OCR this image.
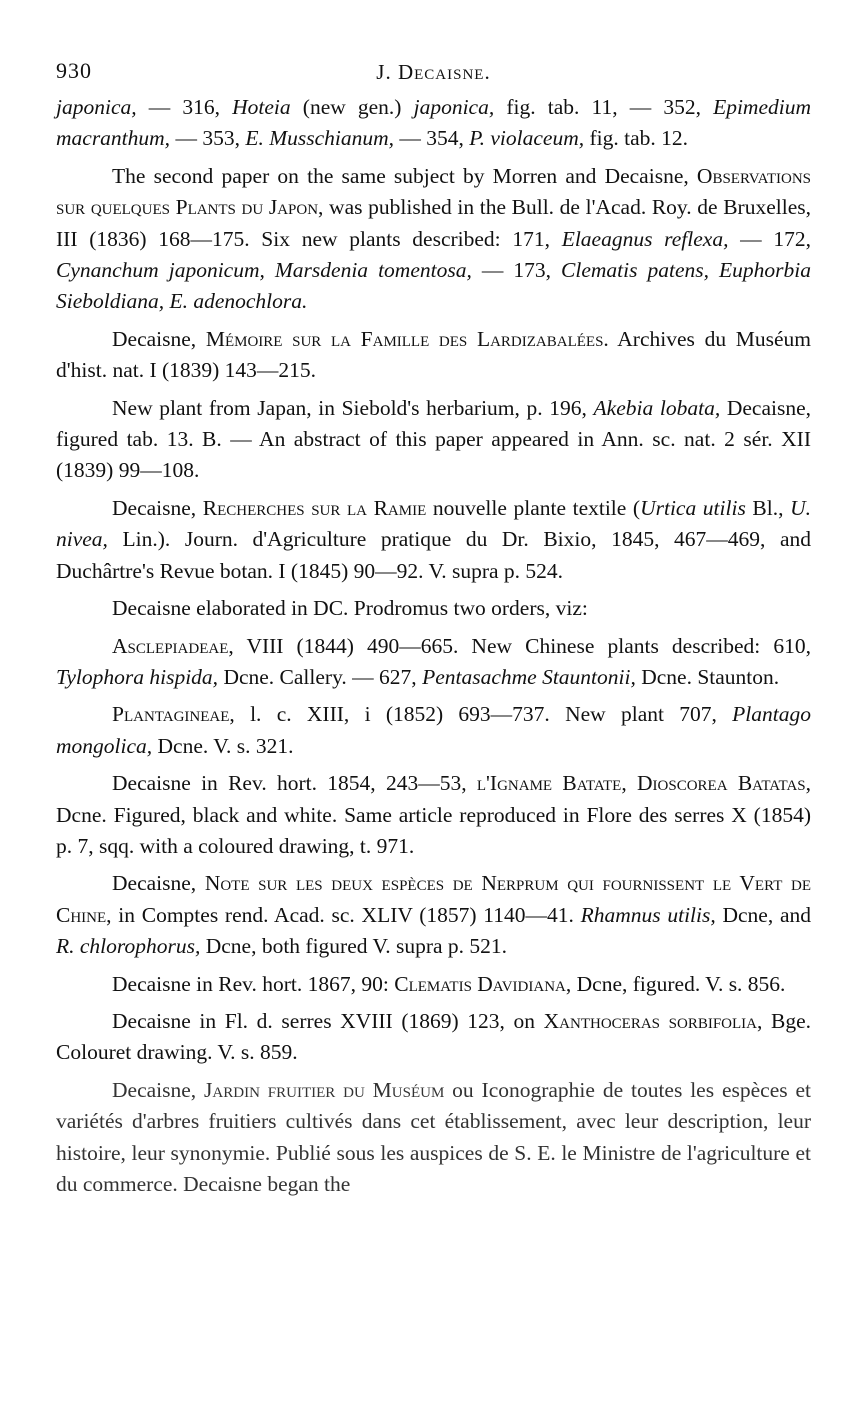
930	J. Decaisne.

japonica, — 316, Hoteia (new gen.) japonica, fig. tab. 11, — 352, Epimedium macranthum, — 353, E. Musschianum, — 354, P. violaceum, fig. tab. 12.

The second paper on the same subject by Morren and Decaisne, Observations sur quelques Plants du Japon, was published in the Bull. de l'Acad. Roy. de Bruxelles, III (1836) 168—175. Six new plants described: 171, Elaeagnus reflexa, — 172, Cynanchum japonicum, Marsdenia tomentosa, — 173, Clematis patens, Euphorbia Sieboldiana, E. adenochlora.

Decaisne, Mémoire sur la Famille des Lardizabalées. Archives du Muséum d'hist. nat. I (1839) 143—215.

New plant from Japan, in Siebold's herbarium, p. 196, Akebia lobata, Decaisne, figured tab. 13. B. — An abstract of this paper appeared in Ann. sc. nat. 2 sér. XII (1839) 99—108.

Decaisne, Recherches sur la Ramie nouvelle plante textile (Urtica utilis Bl., U. nivea, Lin.). Journ. d'Agriculture pratique du Dr. Bixio, 1845, 467—469, and Duchârtre's Revue botan. I (1845) 90—92. V. supra p. 524.

Decaisne elaborated in DC. Prodromus two orders, viz:

Asclepiadeae, VIII (1844) 490—665. New Chinese plants described: 610, Tylophora hispida, Dcne. Callery. — 627, Pentasachme Stauntonii, Dcne. Staunton.

Plantagineae, l. c. XIII, i (1852) 693—737. New plant 707, Plantago mongolica, Dcne. V. s. 321.

Decaisne in Rev. hort. 1854, 243—53, l'Igname Batate, Dioscorea Batatas, Dcne. Figured, black and white. Same article reproduced in Flore des serres X (1854) p. 7, sqq. with a coloured drawing, t. 971.

Decaisne, Note sur les deux espèces de Nerprum qui fournissent le Vert de Chine, in Comptes rend. Acad. sc. XLIV (1857) 1140—41. Rhamnus utilis, Dcne, and R. chlorophorus, Dcne, both figured V. supra p. 521.

Decaisne in Rev. hort. 1867, 90: Clematis Davidiana, Dcne, figured. V. s. 856.

Decaisne in Fl. d. serres XVIII (1869) 123, on Xanthoceras sorbifolia, Bge. Colouret drawing. V. s. 859.

Decaisne, Jardin fruitier du Muséum ou Iconographie de toutes les espèces et variétés d'arbres fruitiers cultivés dans cet établissement, avec leur description, leur histoire, leur synonymie. Publié sous les auspices de S. E. le Ministre de l'agriculture et du commerce. Decaisne began the
